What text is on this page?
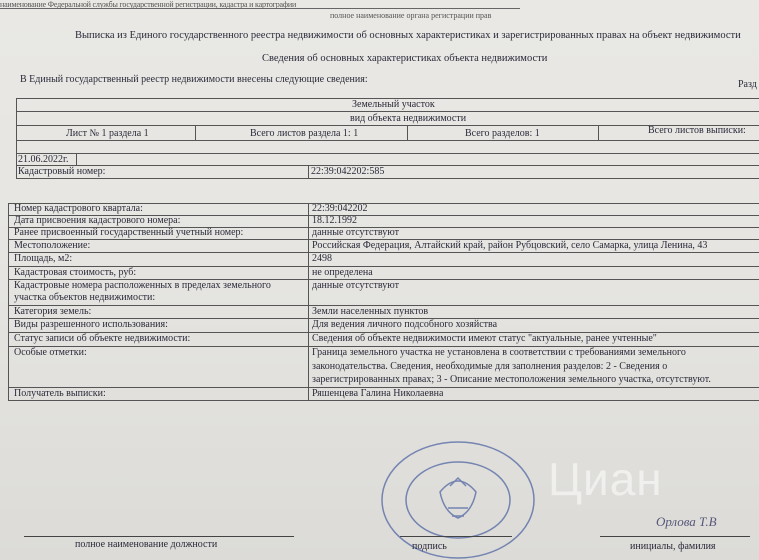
наименование Федеральной службы государственной регистрации, кадастра и картографии
полное наименование органа регистрации прав
Выписка из Единого государственного реестра недвижимости об основных характеристиках и зарегистрированных правах на объект недвижимости
Сведения об основных характеристиках объекта недвижимости
В Единый государственный реестр недвижимости внесены следующие сведения:	Разд
Земельный участок
вид объекта недвижимости
Лист № 1 раздела 1	Всего листов раздела 1: 1	Всего разделов: 1	Всего листов выписки:
21.06.2022г.
Кадастровый номер:	22:39:042202:585
Номер кадастрового квартала:	22:39:042202
Дата присвоения кадастрового номера:	18.12.1992
Ранее присвоенный государственный учетный номер:	данные отсутствуют
Местоположение:	Российская Федерация, Алтайский край, район Рубцовский, село Самарка, улица Ленина, 43
Площадь, м2:	2498
Кадастровая стоимость, руб:	не определена
Кадастровые номера расположенных в пределах земельного
участка объектов недвижимости:
данные отсутствуют
Категория земель:	Земли населенных пунктов
Виды разрешенного использования:	Для ведения личного подсобного хозяйства
Статус записи об объекте недвижимости:	Сведения об объекте недвижимости имеют статус "актуальные, ранее учтенные"
Особые отметки:	Граница земельного участка не установлена в соответствии с требованиями земельного
законодательства. Сведения, необходимые для заполнения разделов: 2 - Сведения о
зарегистрированных правах; 3 - Описание местоположения земельного участка, отсутствуют.
Получатель выписки:	Ряшенцева Галина Николаевна
Циан
Орлова Т.В
полное наименование должности	подпись	инициалы, фамилия
